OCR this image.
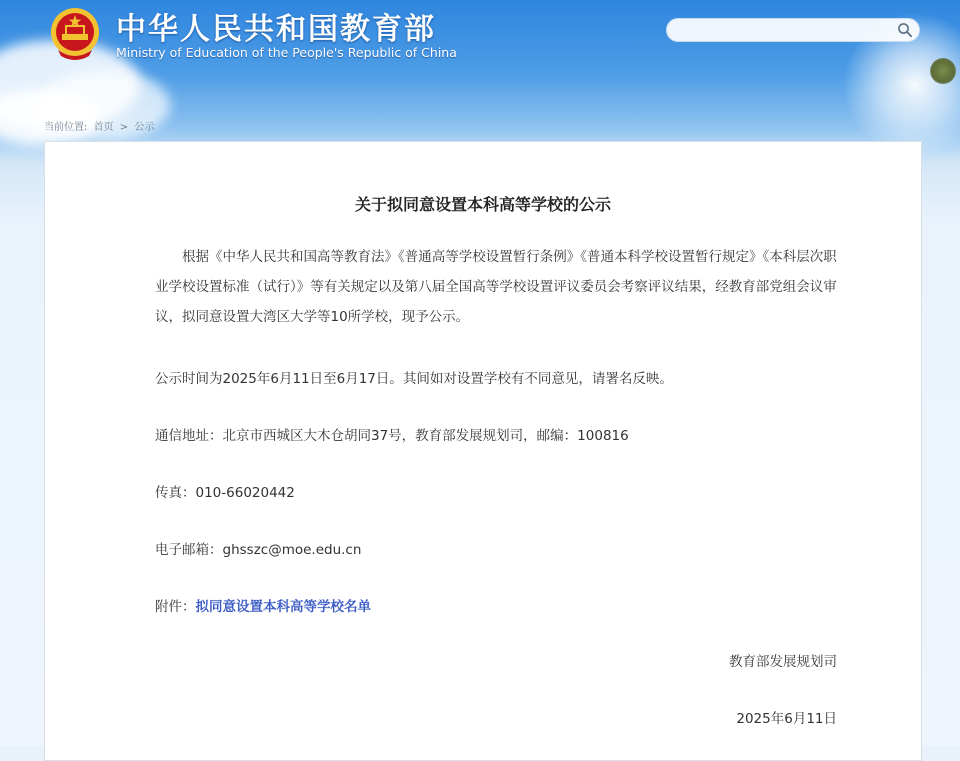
中华人民共和国教育部
Ministry of Education of the People's Republic of China
当前位置: 首页 > 公示
关于拟同意设置本科高等学校的公示
根据《中华人民共和国高等教育法》《普通高等学校设置暂行条例》《普通本科学校设置暂行规定》《本科层次职业学校设置标准（试行）》等有关规定以及第八届全国高等学校设置评议委员会考察评议结果，经教育部党组会议审议，拟同意设置大湾区大学等10所学校，现予公示。
公示时间为2025年6月11日至6月17日。其间如对设置学校有不同意见，请署名反映。
通信地址：北京市西城区大木仓胡同37号，教育部发展规划司，邮编：100816
传真：010-66020442
电子邮箱：ghsszc@moe.edu.cn
附件：拟同意设置本科高等学校名单
教育部发展规划司
2025年6月11日
